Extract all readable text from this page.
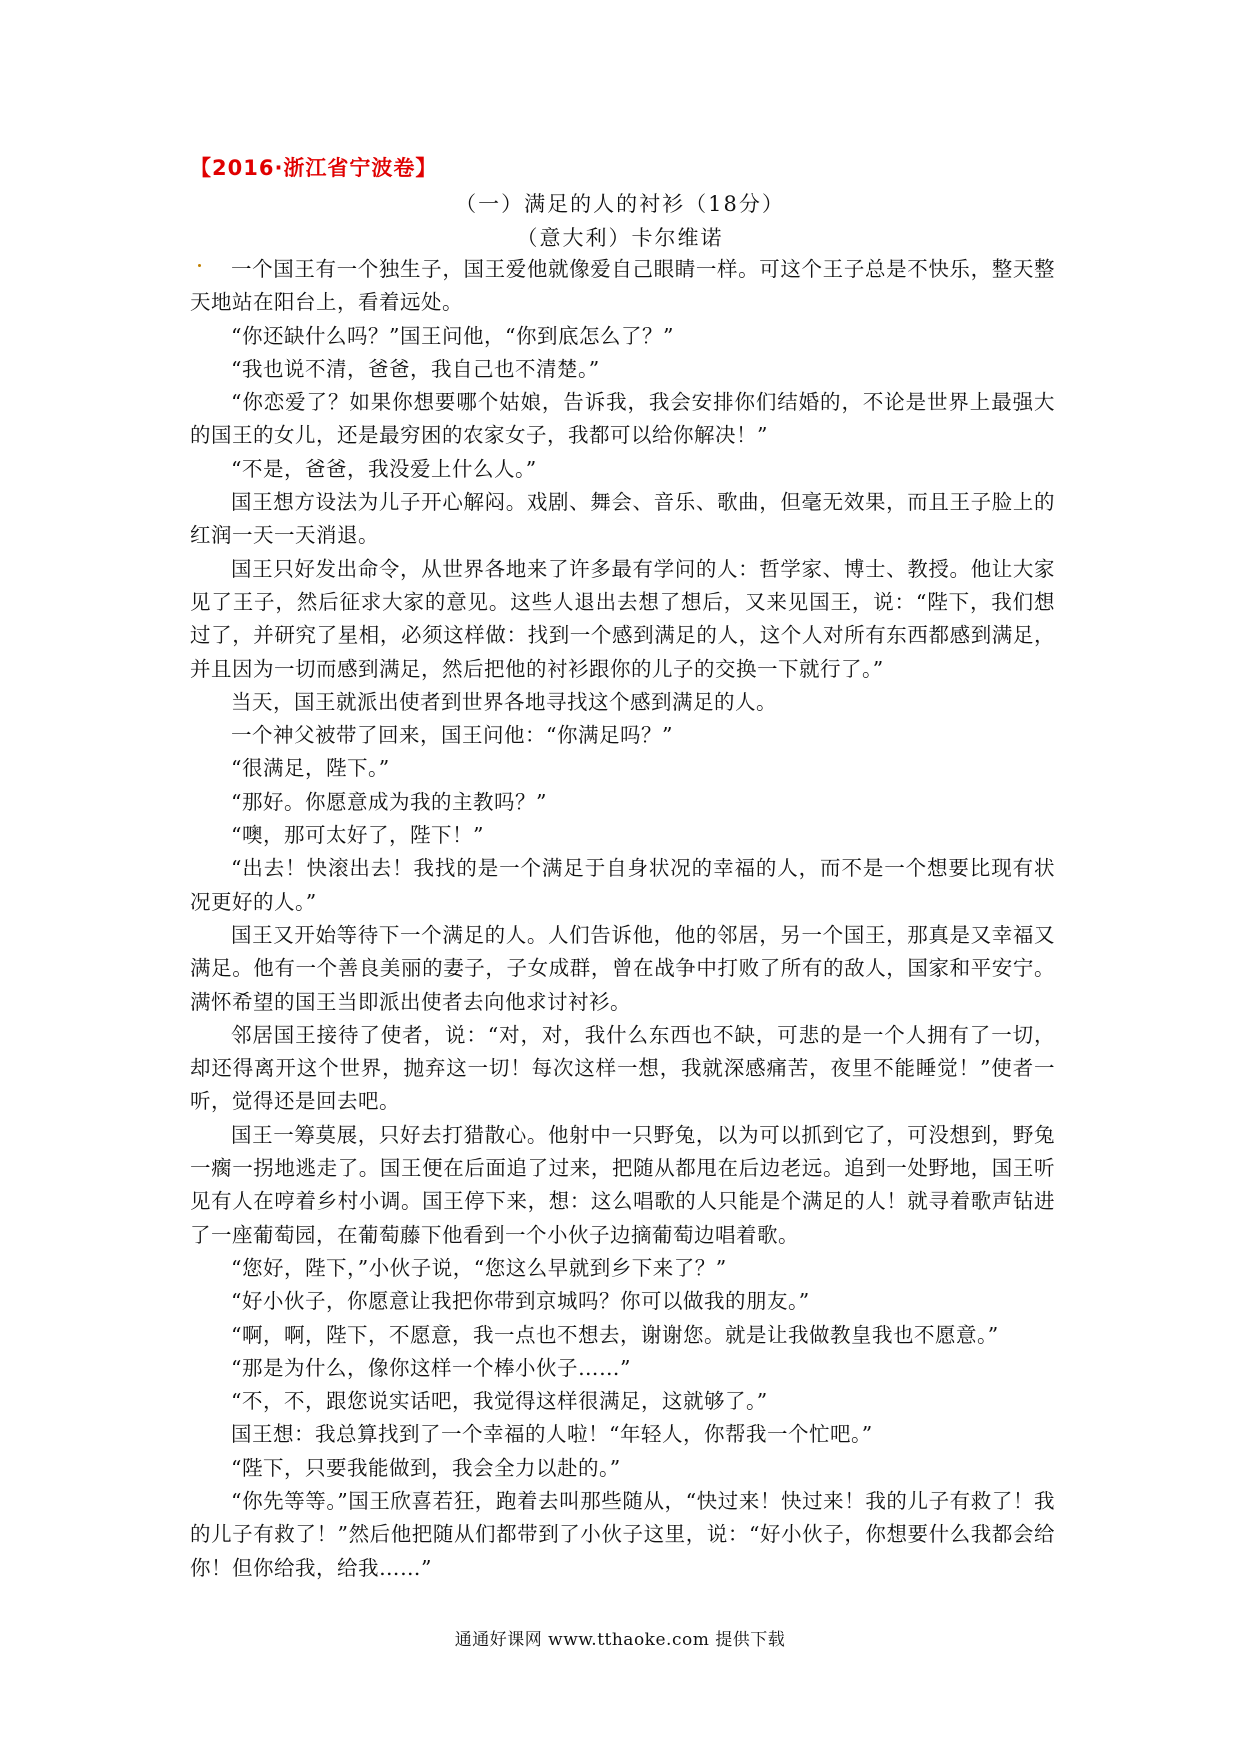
【2016·浙江省宁波卷】
（一）满足的人的衬衫（18分）
（意大利）卡尔维诺

一个国王有一个独生子，国王爱他就像爱自己眼睛一样。可这个王子总是不快乐，整天整天地站在阳台上，看着远处。

“你还缺什么吗？”国王问他，“你到底怎么了？”

“我也说不清，爸爸，我自己也不清楚。”

“你恋爱了？如果你想要哪个姑娘，告诉我，我会安排你们结婚的，不论是世界上最强大的国王的女儿，还是最穷困的农家女子，我都可以给你解决！”

“不是，爸爸，我没爱上什么人。”

国王想方设法为儿子开心解闷。戏剧、舞会、音乐、歌曲，但毫无效果，而且王子脸上的红润一天一天消退。

国王只好发出命令，从世界各地来了许多最有学问的人：哲学家、博士、教授。他让大家见了王子，然后征求大家的意见。这些人退出去想了想后，又来见国王，说：“陛下，我们想过了，并研究了星相，必须这样做：找到一个感到满足的人，这个人对所有东西都感到满足，并且因为一切而感到满足，然后把他的衬衫跟你的儿子的交换一下就行了。”

当天，国王就派出使者到世界各地寻找这个感到满足的人。

一个神父被带了回来，国王问他：“你满足吗？”

“很满足，陛下。”

“那好。你愿意成为我的主教吗？”

“噢，那可太好了，陛下！”

“出去！快滚出去！我找的是一个满足于自身状况的幸福的人，而不是一个想要比现有状况更好的人。”

国王又开始等待下一个满足的人。人们告诉他，他的邻居，另一个国王，那真是又幸福又满足。他有一个善良美丽的妻子，子女成群，曾在战争中打败了所有的敌人，国家和平安宁。满怀希望的国王当即派出使者去向他求讨衬衫。

邻居国王接待了使者，说：“对，对，我什么东西也不缺，可悲的是一个人拥有了一切，却还得离开这个世界，抛弃这一切！每次这样一想，我就深感痛苦，夜里不能睡觉！”使者一听，觉得还是回去吧。

国王一筹莫展，只好去打猎散心。他射中一只野兔，以为可以抓到它了，可没想到，野兔一瘸一拐地逃走了。国王便在后面追了过来，把随从都甩在后边老远。追到一处野地，国王听见有人在哼着乡村小调。国王停下来，想：这么唱歌的人只能是个满足的人！就寻着歌声钻进了一座葡萄园，在葡萄藤下他看到一个小伙子边摘葡萄边唱着歌。

“您好，陛下，”小伙子说，“您这么早就到乡下来了？”

“好小伙子，你愿意让我把你带到京城吗？你可以做我的朋友。”

“啊，啊，陛下，不愿意，我一点也不想去，谢谢您。就是让我做教皇我也不愿意。”

“那是为什么，像你这样一个棒小伙子……”

“不，不，跟您说实话吧，我觉得这样很满足，这就够了。”

国王想：我总算找到了一个幸福的人啦！“年轻人，你帮我一个忙吧。”

“陛下，只要我能做到，我会全力以赴的。”

“你先等等。”国王欣喜若狂，跑着去叫那些随从，“快过来！快过来！我的儿子有救了！我的儿子有救了！”然后他把随从们都带到了小伙子这里，说：“好小伙子，你想要什么我都会给你！但你给我，给我……”

通通好课网 www.tthaoke.com 提供下载
